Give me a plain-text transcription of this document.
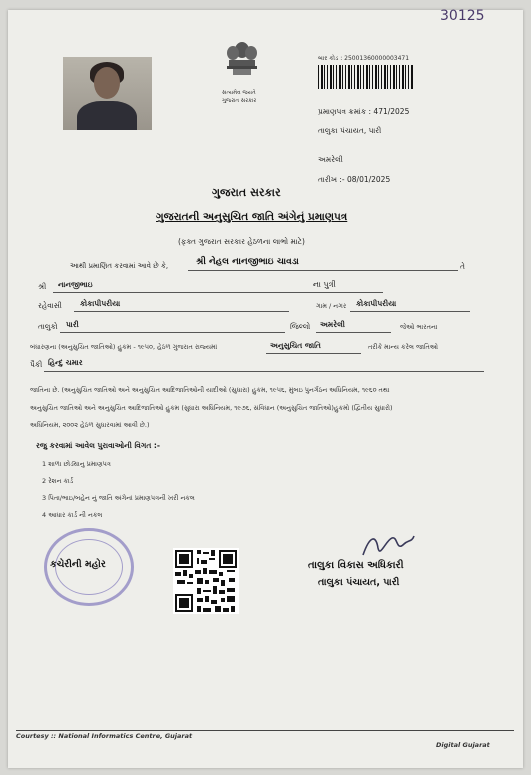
30125
સત્યમેવ જયતે
ગુજરાત સરકાર
બાર કોડ : 25001360000003471
પ્રમાણપત્ર ક્રમાંક : 471/2025
તાલુકા પંચાયત, પારી
અમરેલી
તારીખ :- 08/01/2025
ગુજરાત સરકાર
ગુજરાતની અનુસુચિત જાતિ અંગેનું પ્રમાણપત્ર
(ફક્ત ગુજરાત સરકાર હેઠળના લાભો માટે)
આથી પ્રમાણિત કરવામાં આવે છે કે,	શ્રી નેહલ નાનજીભાઇ ચાવડા	તે
શ્રી નાનજીભાઇ	ના પુત્રી
રહેવાસી કોકાપીપરીયા	ગામ / નગર કોકાપીપરીયા
તાલુકો પારી	જિલ્લો અમરેલી	જેઓ ભારતના
બંધારણના (અનુસુચિત જાતિઓ) હુકમ - ૧૯૫૦, હેઠળ ગુજરાત રાજ્યમાં	અનુસુચિત જાતિ	તરીકે માન્ય કરેલ જાતિઓ
પૈકી હિન્દુ ચમાર
જાતિના છે. (અનુસુચિત જાતિઓ અને અનુસુચિત આદિજાતિઓની યાદીઓ (સુધારા) હુકમ, ૧૯૫૬, મુંબઇ પુનર્ગઠન અધિનિયમ, ૧૯૬૦ તથા
અનુસુચિત જાતિઓ અને અનુસુચિત આદિજાતિઓ હુકમ (સુધારા અધિનિયમ, ૧૯૭૬, સંવિધાન (અનુસુચિત જાતિઓ)હુકમો (દ્વિતીય સુધારો)
અધિનિયમ, ૨૦૦૨ હેઠળ સુધારવામાં આવી છે.)
રજુ કરવામાં આવેલ પુરાવાઓની વિગત :-
1 શાળા છોડ્યાનુ પ્રમાણપત્ર
2 રેશન કાર્ડ
3 પિતા/ભાઇ/બહેન નું જાતિ અંગેનાં પ્રમાણપત્રની ખરી નકલ
4 આધાર કાર્ડ ની નકલ
કચેરીની મહોર	તાલુકા વિકાસ અધિકારી
તાલુકા પંચાયત, પારી
Courtesy :: National Informatics Centre, Gujarat
Digital Gujarat
